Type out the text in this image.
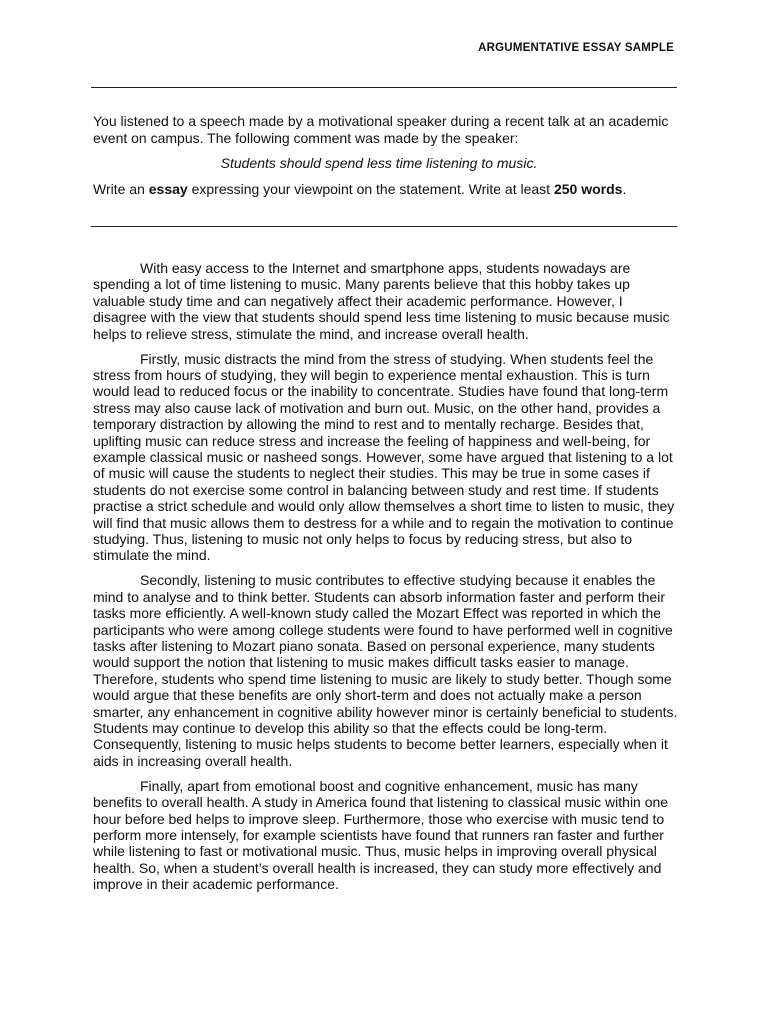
ARGUMENTATIVE ESSAY SAMPLE

You listened to a speech made by a motivational speaker during a recent talk at an academic event on campus. The following comment was made by the speaker:

Students should spend less time listening to music.

Write an essay expressing your viewpoint on the statement. Write at least 250 words.

With easy access to the Internet and smartphone apps, students nowadays are spending a lot of time listening to music. Many parents believe that this hobby takes up valuable study time and can negatively affect their academic performance. However, I disagree with the view that students should spend less time listening to music because music helps to relieve stress, stimulate the mind, and increase overall health.

Firstly, music distracts the mind from the stress of studying. When students feel the stress from hours of studying, they will begin to experience mental exhaustion. This is turn would lead to reduced focus or the inability to concentrate. Studies have found that long-term stress may also cause lack of motivation and burn out. Music, on the other hand, provides a temporary distraction by allowing the mind to rest and to mentally recharge. Besides that, uplifting music can reduce stress and increase the feeling of happiness and well-being, for example classical music or nasheed songs. However, some have argued that listening to a lot of music will cause the students to neglect their studies. This may be true in some cases if students do not exercise some control in balancing between study and rest time. If students practise a strict schedule and would only allow themselves a short time to listen to music, they will find that music allows them to destress for a while and to regain the motivation to continue studying. Thus, listening to music not only helps to focus by reducing stress, but also to stimulate the mind.

Secondly, listening to music contributes to effective studying because it enables the mind to analyse and to think better. Students can absorb information faster and perform their tasks more efficiently. A well-known study called the Mozart Effect was reported in which the participants who were among college students were found to have performed well in cognitive tasks after listening to Mozart piano sonata. Based on personal experience, many students would support the notion that listening to music makes difficult tasks easier to manage. Therefore, students who spend time listening to music are likely to study better. Though some would argue that these benefits are only short-term and does not actually make a person smarter, any enhancement in cognitive ability however minor is certainly beneficial to students. Students may continue to develop this ability so that the effects could be long-term. Consequently, listening to music helps students to become better learners, especially when it aids in increasing overall health.

Finally, apart from emotional boost and cognitive enhancement, music has many benefits to overall health. A study in America found that listening to classical music within one hour before bed helps to improve sleep. Furthermore, those who exercise with music tend to perform more intensely, for example scientists have found that runners ran faster and further while listening to fast or motivational music. Thus, music helps in improving overall physical health. So, when a student’s overall health is increased, they can study more effectively and improve in their academic performance.
